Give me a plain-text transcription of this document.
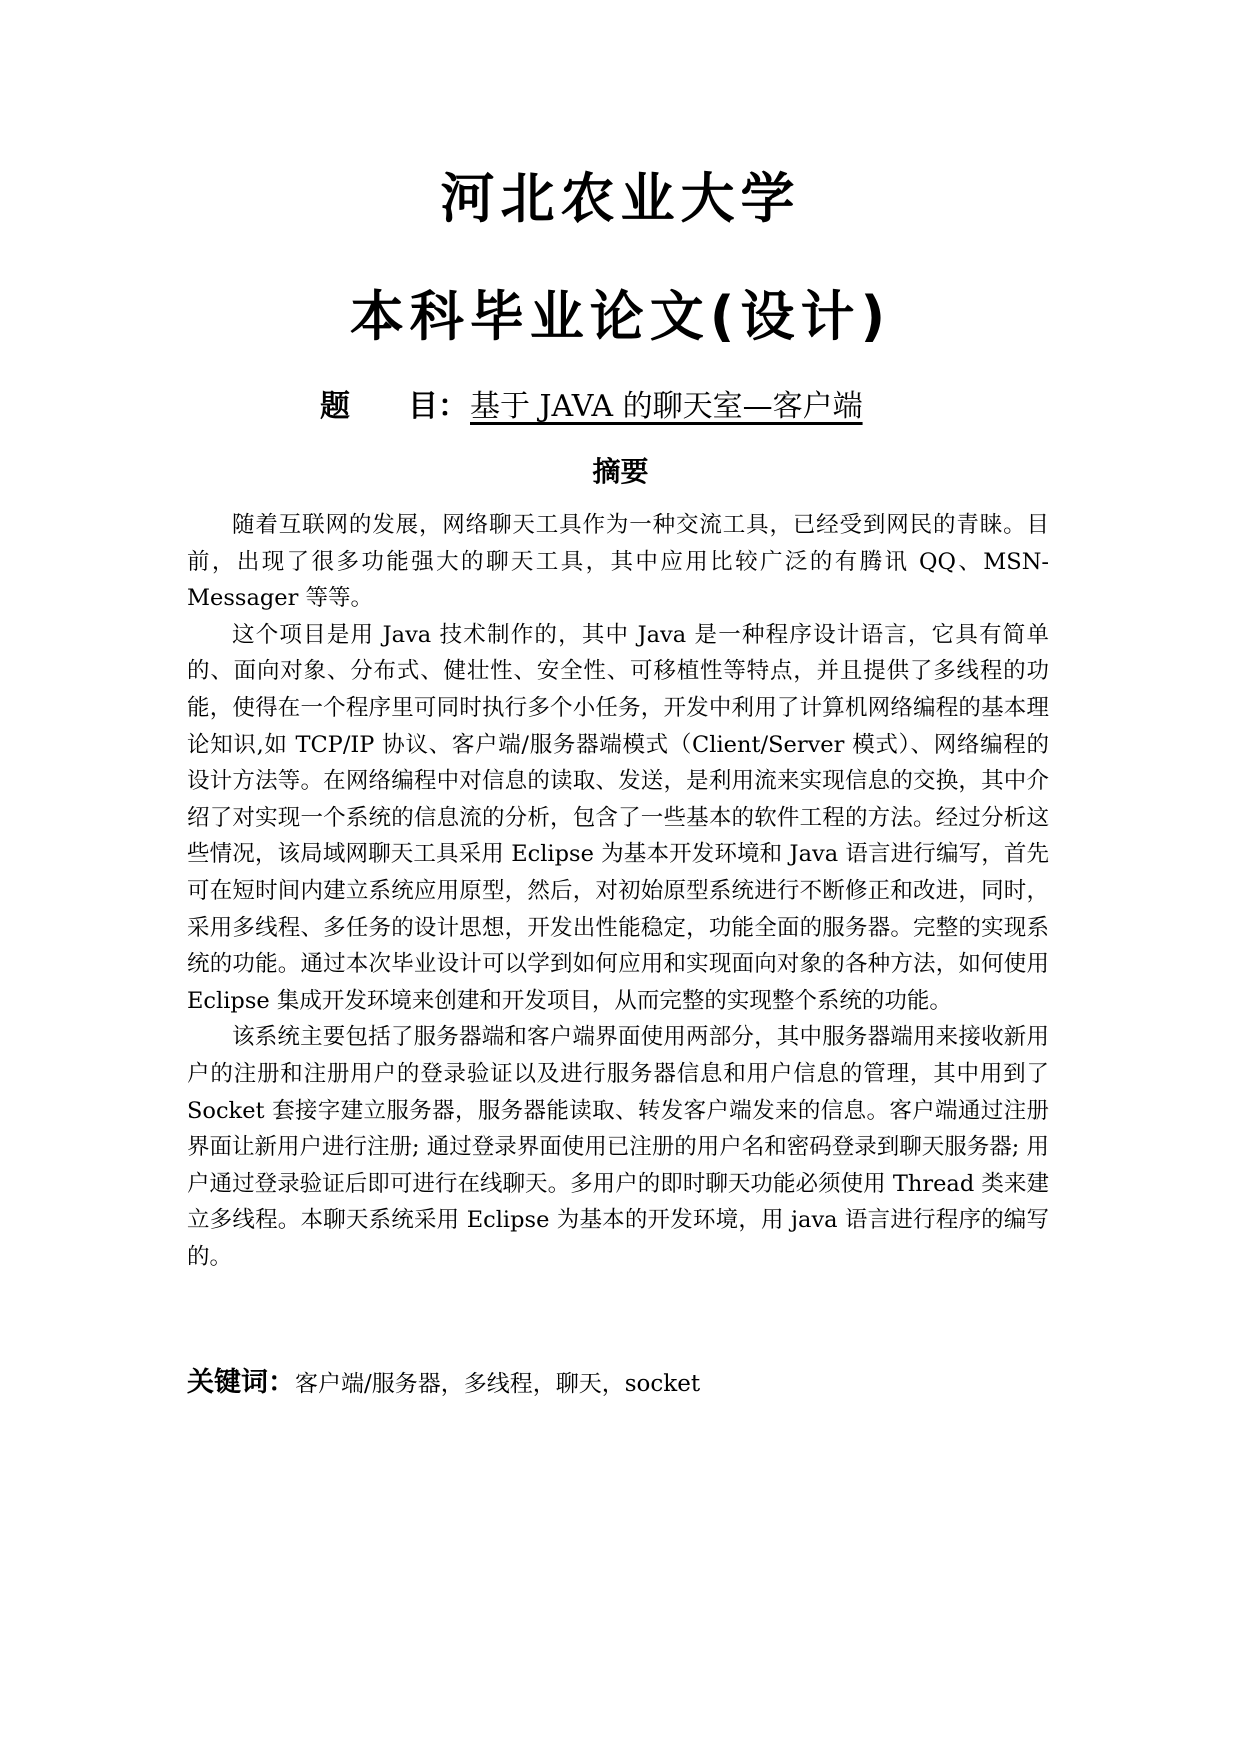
河北农业大学
本科毕业论文(设计)
题 目：基于 JAVA 的聊天室—客户端
摘要

随着互联网的发展，网络聊天工具作为一种交流工具，已经受到网民的青睐。目前，出现了很多功能强大的聊天工具，其中应用比较广泛的有腾讯 QQ、MSN-Messager 等等。

这个项目是用 Java 技术制作的，其中 Java 是一种程序设计语言，它具有简单的、面向对象、分布式、健壮性、安全性、可移植性等特点，并且提供了多线程的功能，使得在一个程序里可同时执行多个小任务，开发中利用了计算机网络编程的基本理论知识,如 TCP/IP 协议、客户端/服务器端模式（Client/Server 模式）、网络编程的设计方法等。在网络编程中对信息的读取、发送，是利用流来实现信息的交换，其中介绍了对实现一个系统的信息流的分析，包含了一些基本的软件工程的方法。经过分析这些情况，该局域网聊天工具采用 Eclipse 为基本开发环境和 Java 语言进行编写，首先可在短时间内建立系统应用原型，然后，对初始原型系统进行不断修正和改进，同时，采用多线程、多任务的设计思想，开发出性能稳定，功能全面的服务器。完整的实现系统的功能。通过本次毕业设计可以学到如何应用和实现面向对象的各种方法，如何使用 Eclipse 集成开发环境来创建和开发项目，从而完整的实现整个系统的功能。

该系统主要包括了服务器端和客户端界面使用两部分，其中服务器端用来接收新用户的注册和注册用户的登录验证以及进行服务器信息和用户信息的管理，其中用到了 Socket 套接字建立服务器，服务器能读取、转发客户端发来的信息。客户端通过注册界面让新用户进行注册; 通过登录界面使用已注册的用户名和密码登录到聊天服务器; 用户通过登录验证后即可进行在线聊天。多用户的即时聊天功能必须使用 Thread 类来建立多线程。本聊天系统采用 Eclipse 为基本的开发环境，用 java 语言进行程序的编写的。

关键词：客户端/服务器，多线程，聊天，socket
